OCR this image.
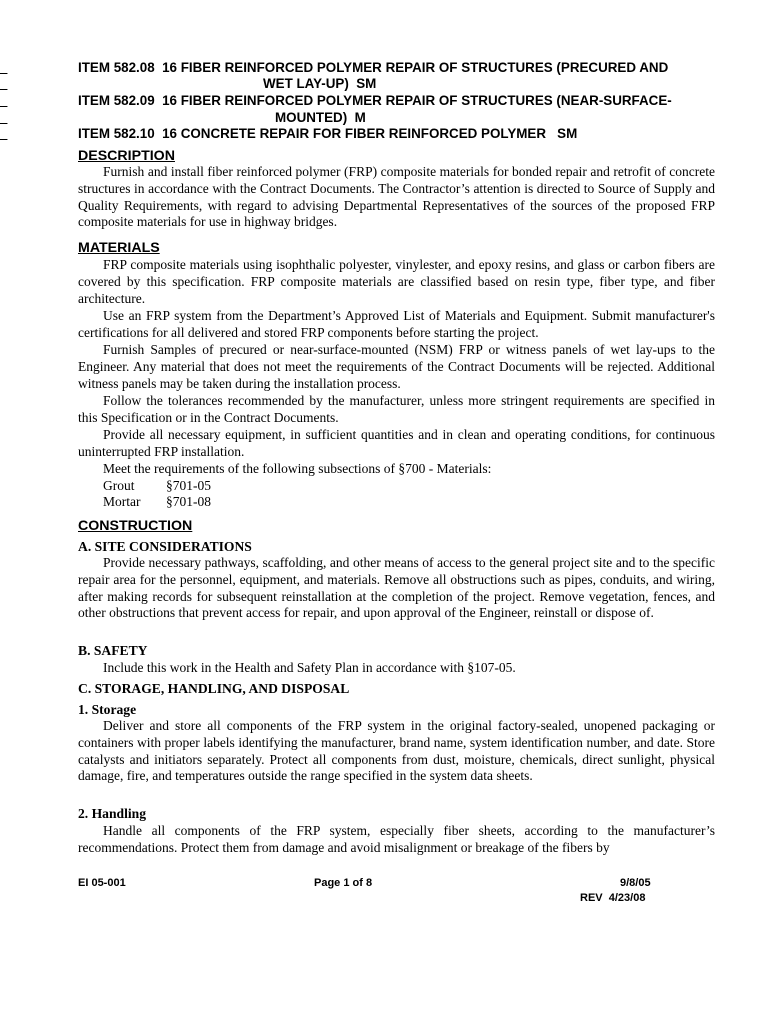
ITEM 582.08  16 FIBER REINFORCED POLYMER REPAIR OF STRUCTURES (PRECURED AND

WET LAY-UP)  SM

ITEM 582.09  16 FIBER REINFORCED POLYMER REPAIR OF STRUCTURES (NEAR-SURFACE-

MOUNTED)  M

ITEM 582.10  16 CONCRETE REPAIR FOR FIBER REINFORCED POLYMER   SM

DESCRIPTION

Furnish and install fiber reinforced polymer (FRP) composite materials for bonded repair and retrofit of concrete structures in accordance with the Contract Documents. The Contractor’s attention is directed to Source of Supply and Quality Requirements, with regard to advising Departmental Representatives of the sources of the proposed FRP composite materials for use in highway bridges.

MATERIALS

FRP composite materials using isophthalic polyester, vinylester, and epoxy resins, and glass or carbon fibers are covered by this specification. FRP composite materials are classified based on resin type, fiber type, and fiber architecture.

Use an FRP system from the Department’s Approved List of Materials and Equipment. Submit manufacturer's certifications for all delivered and stored FRP components before starting the project.

Furnish Samples of precured or near-surface-mounted (NSM) FRP or witness panels of wet lay-ups to the Engineer. Any material that does not meet the requirements of the Contract Documents will be rejected. Additional witness panels may be taken during the installation process.

Follow the tolerances recommended by the manufacturer, unless more stringent requirements are specified in this Specification or in the Contract Documents.

Provide all necessary equipment, in sufficient quantities and in clean and operating conditions, for continuous uninterrupted FRP installation.

Meet the requirements of the following subsections of §700 - Materials:
Grout §701-05
Mortar §701-08
CONSTRUCTION
A. SITE CONSIDERATIONS

Provide necessary pathways, scaffolding, and other means of access to the general project site and to the specific repair area for the personnel, equipment, and materials. Remove all obstructions such as pipes, conduits, and wiring, after making records for subsequent reinstallation at the completion of the project. Remove vegetation, fences, and other obstructions that prevent access for repair, and upon approval of the Engineer, reinstall or dispose of.

B. SAFETY

Include this work in the Health and Safety Plan in accordance with §107-05.

C. STORAGE, HANDLING, AND DISPOSAL
1. Storage

Deliver and store all components of the FRP system in the original factory-sealed, unopened packaging or containers with proper labels identifying the manufacturer, brand name, system identification number, and date. Store catalysts and initiators separately. Protect all components from dust, moisture, chemicals, direct sunlight, physical damage, fire, and temperatures outside the range specified in the system data sheets.

2. Handling

Handle all components of the FRP system, especially fiber sheets, according to the manufacturer’s recommendations. Protect them from damage and avoid misalignment or breakage of the fibers by

EI 05-001	Page 1 of 8	9/8/05
REV  4/23/08
